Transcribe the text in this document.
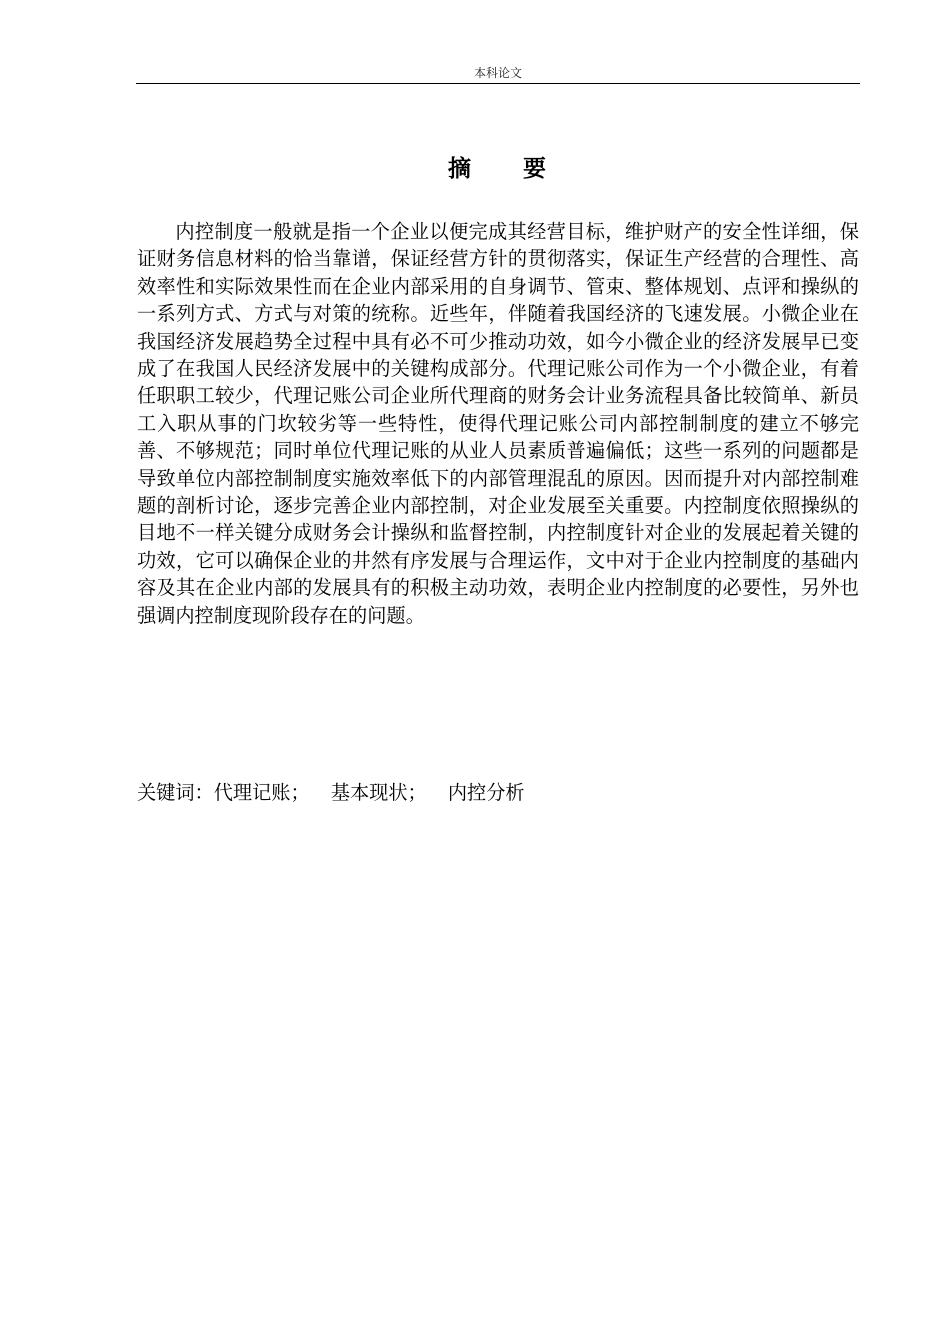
本科论文
摘　　要

内控制度一般就是指一个企业以便完成其经营目标，维护财产的安全性详细，保证财务信息材料的恰当靠谱，保证经营方针的贯彻落实，保证生产经营的合理性、高效率性和实际效果性而在企业内部采用的自身调节、管束、整体规划、点评和操纵的一系列方式、方式与对策的统称。近些年，伴随着我国经济的飞速发展。小微企业在我国经济发展趋势全过程中具有必不可少推动功效，如今小微企业的经济发展早已变成了在我国人民经济发展中的关键构成部分。代理记账公司作为一个小微企业，有着任职职工较少，代理记账公司企业所代理商的财务会计业务流程具备比较简单、新员工入职从事的门坎较劣等一些特性，使得代理记账公司内部控制制度的建立不够完善、不够规范；同时单位代理记账的从业人员素质普遍偏低；这些一系列的问题都是导致单位内部控制制度实施效率低下的内部管理混乱的原因。因而提升对内部控制难题的剖析讨论，逐步完善企业内部控制，对企业发展至关重要。内控制度依照操纵的目地不一样关键分成财务会计操纵和监督控制，内控制度针对企业的发展起着关键的功效，它可以确保企业的井然有序发展与合理运作，文中对于企业内控制度的基础内容及其在企业内部的发展具有的积极主动功效，表明企业内控制度的必要性，另外也强调内控制度现阶段存在的问题。

关键词：代理记账； 基本现状； 内控分析
